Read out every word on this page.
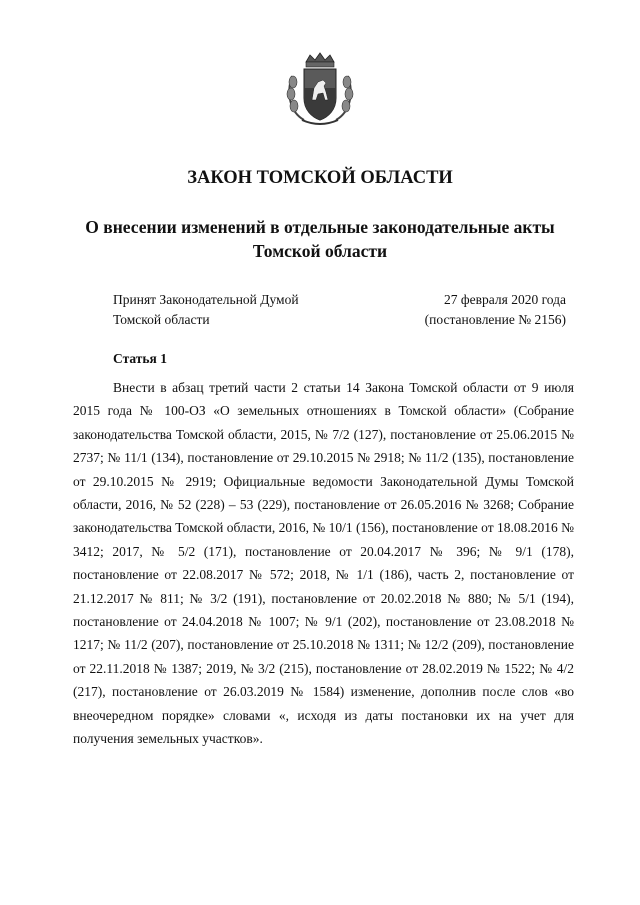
ЗАКОН ТОМСКОЙ ОБЛАСТИ
О внесении изменений в отдельные законодательные акты Томской области
Принят Законодательной Думой
Томской области
27 февраля 2020 года
(постановление № 2156)
Статья 1

Внести в абзац третий части 2 статьи 14 Закона Томской области от 9 июля 2015 года № 100-ОЗ «О земельных отношениях в Томской области» (Собрание законодательства Томской области, 2015, № 7/2 (127), постановление от 25.06.2015 № 2737; № 11/1 (134), постановление от 29.10.2015 № 2918; № 11/2 (135), постановление от 29.10.2015 № 2919; Официальные ведомости Законодательной Думы Томской области, 2016, № 52 (228) – 53 (229), постановление от 26.05.2016 № 3268; Собрание законодательства Томской области, 2016, № 10/1 (156), постановление от 18.08.2016 № 3412; 2017, № 5/2 (171), постановление от 20.04.2017 № 396; № 9/1 (178), постановление от 22.08.2017 № 572; 2018, № 1/1 (186), часть 2, постановление от 21.12.2017 № 811; № 3/2 (191), постановление от 20.02.2018 № 880; № 5/1 (194), постановление от 24.04.2018 № 1007; № 9/1 (202), постановление от 23.08.2018 № 1217; № 11/2 (207), постановление от 25.10.2018 № 1311; № 12/2 (209), постановление от 22.11.2018 № 1387; 2019, № 3/2 (215), постановление от 28.02.2019 № 1522; № 4/2 (217), постановление от 26.03.2019 № 1584) изменение, дополнив после слов «во внеочередном порядке» словами «, исходя из даты постановки их на учет для получения земельных участков».
